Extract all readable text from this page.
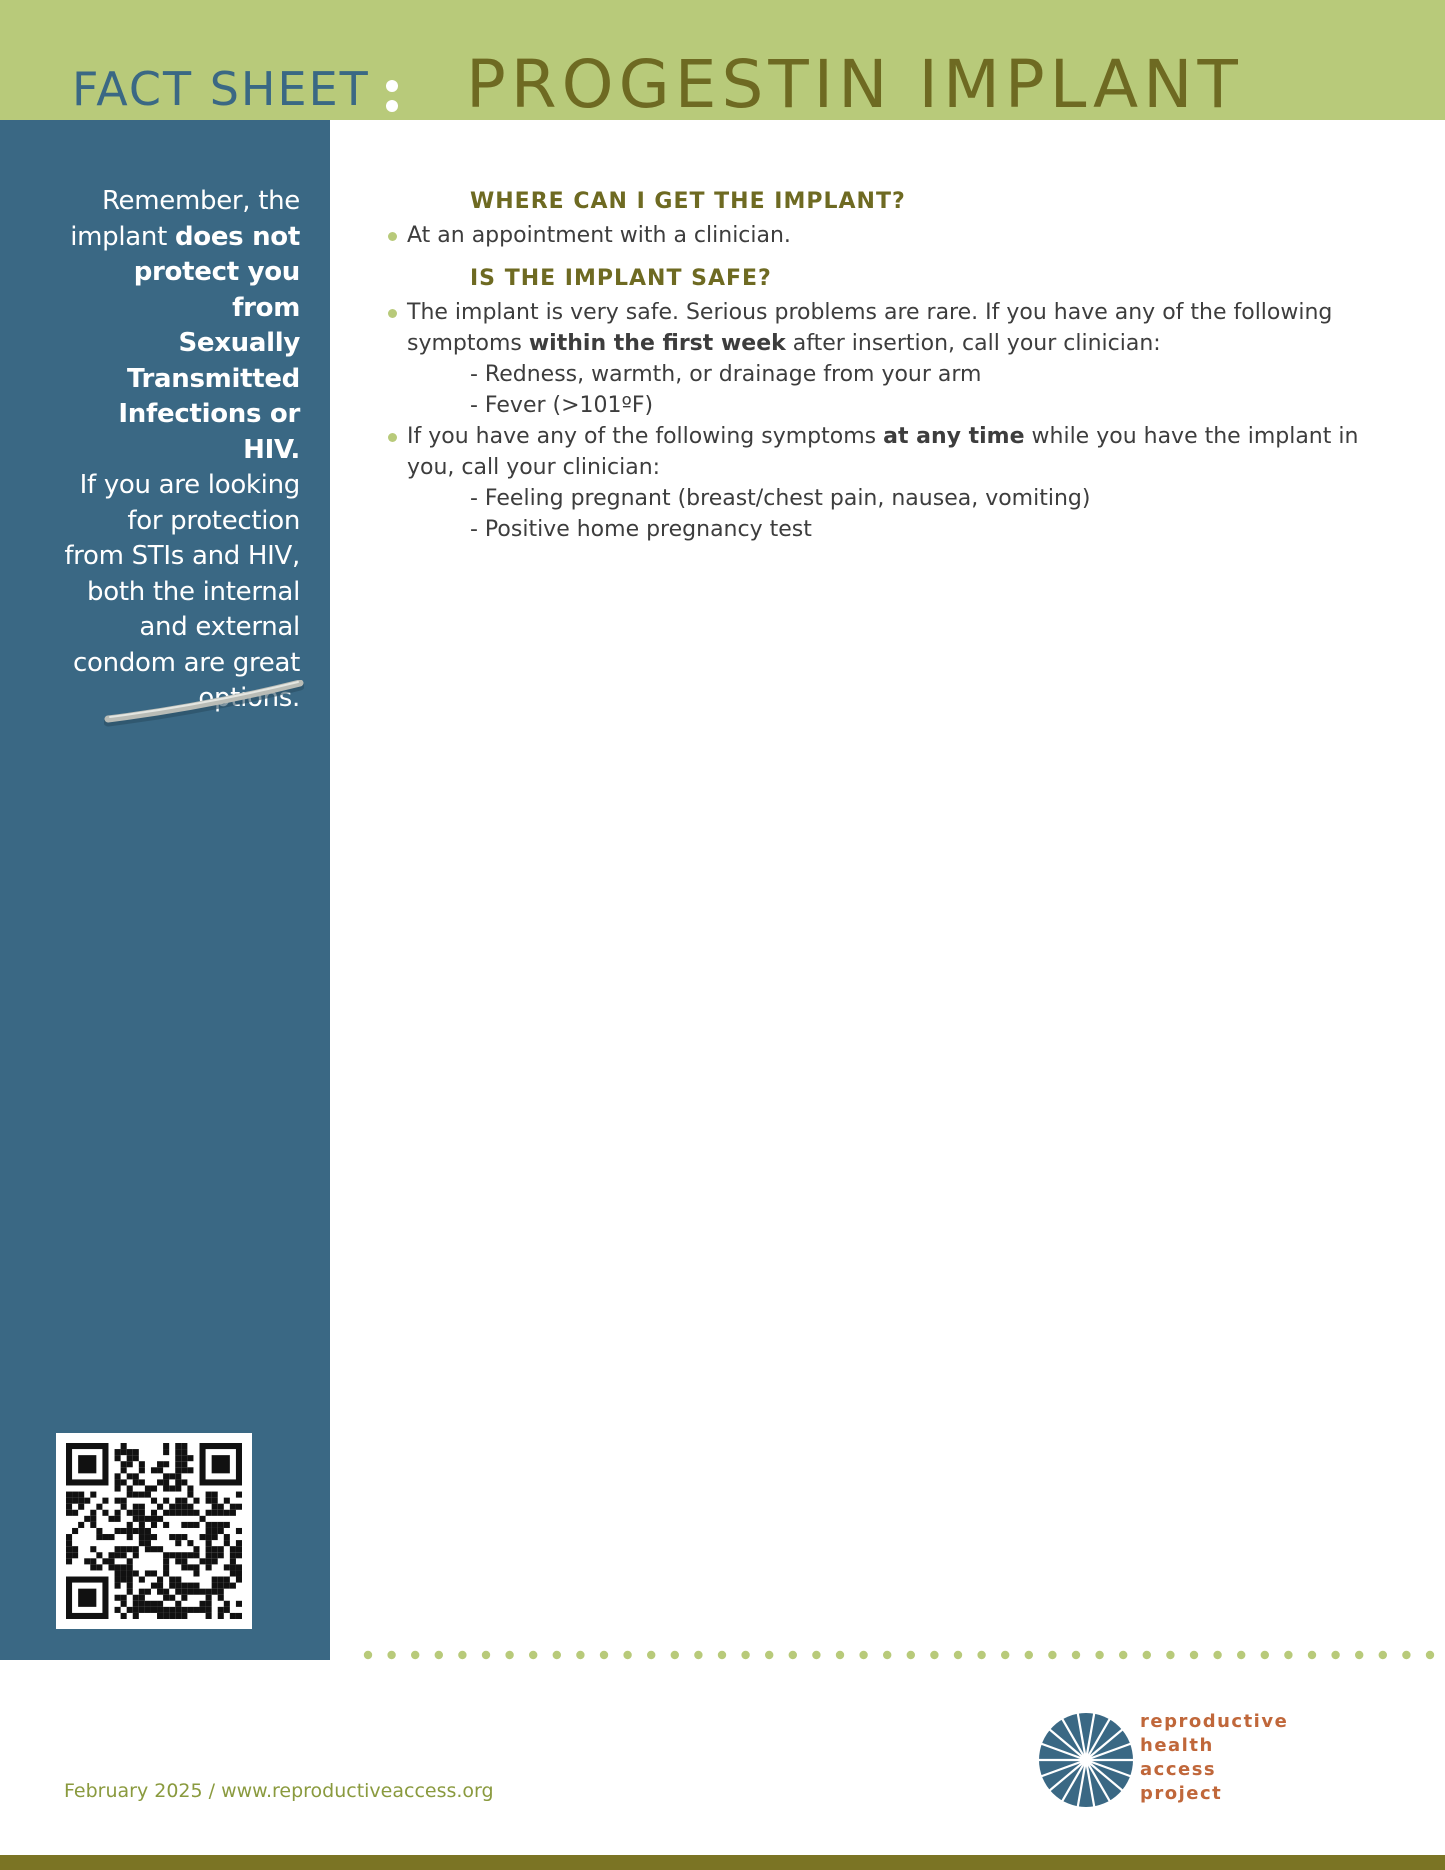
FACT SHEET PROGESTIN IMPLANT
Remember, the
implant does not
protect you from
Sexually
Transmitted
Infections or HIV.
If you are looking
for protection
from STIs and HIV,
both the internal
and external
condom are great
options.
WHERE CAN I GET THE IMPLANT?
At an appointment with a clinician.
IS THE IMPLANT SAFE?
The implant is very safe. Serious problems are rare. If you have any of the following symptoms within the first week after insertion, call your clinician:
- Redness, warmth, or drainage from your arm
- Fever (>101ºF)
If you have any of the following symptoms at any time while you have the implant in you, call your clinician:
- Feeling pregnant (breast/chest pain, nausea, vomiting)
- Positive home pregnancy test
February 2025 / www.reproductiveaccess.org
reproductive
health
access
project
